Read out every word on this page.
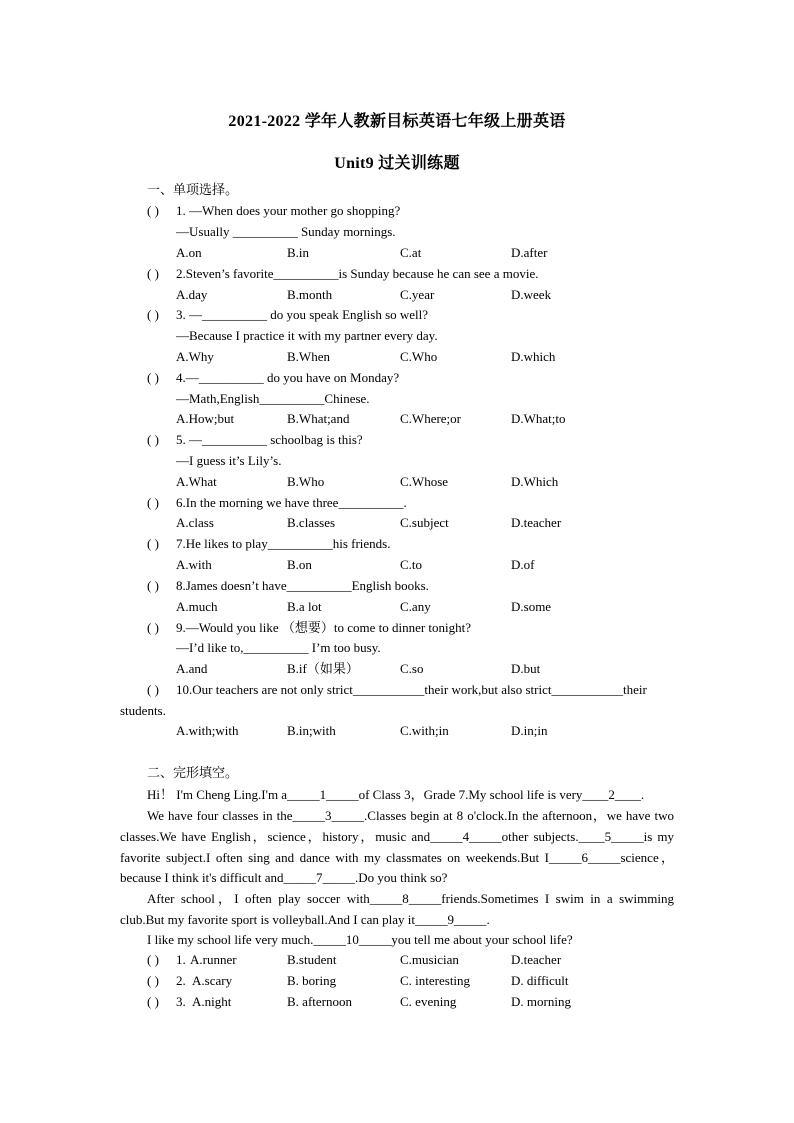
2021-2022 学年人教新目标英语七年级上册英语
Unit9 过关训练题
一、单项选择。
( ) 1. —When does your mother go shopping?
—Usually __________ Sunday mornings.
A.on	B.in	C.at	D.after
( ) 2.Steven’s favorite__________is Sunday because he can see a movie.
A.day	B.month	C.year	D.week
( ) 3. —__________ do you speak English so well?
—Because I practice it with my partner every day.
A.Why	B.When	C.Who	D.which
( ) 4.—__________ do you have on Monday?
—Math,English__________Chinese.
A.How;but	B.What;and	C.Where;or	D.What;to
( ) 5. —__________ schoolbag is this?
—I guess it’s Lily’s.
A.What	B.Who	C.Whose	D.Which
( ) 6.In the morning we have three__________.
A.class	B.classes	C.subject	D.teacher
( ) 7.He likes to play__________his friends.
A.with	B.on	C.to	D.of
( ) 8.James doesn’t have__________English books.
A.much	B.a lot	C.any	D.some
( ) 9.—Would you like （想要）to come to dinner tonight?
—I’d like to,__________ I’m too busy.
A.and	B.if（如果）	C.so	D.but
( ) 10.Our teachers are not only strict___________their work,but also strict___________their
students.
A.with;with	B.in;with	C.with;in	D.in;in
二、完形填空。
Hi！ I'm Cheng Ling.I'm a_____1_____of Class 3，Grade 7.My school life is very____2____.
We have four classes in the_____3_____.Classes begin at 8 o'clock.In the afternoon，we have two classes.We have English，science，history，music and_____4_____other subjects.____5_____is my favorite subject.I often sing and dance with my classmates on weekends.But I_____6_____science，because I think it's difficult and_____7_____.Do you think so?
After school，I often play soccer with_____8_____friends.Sometimes I swim in a swimming club.But my favorite sport is volleyball.And I can play it_____9_____.
I like my school life very much._____10_____you tell me about your school life?
( ) 1. A.runner	B.student	C.musician	D.teacher
( ) 2. A.scary	B. boring	C. interesting	D. difficult
( ) 3. A.night	B. afternoon	C. evening	D. morning
